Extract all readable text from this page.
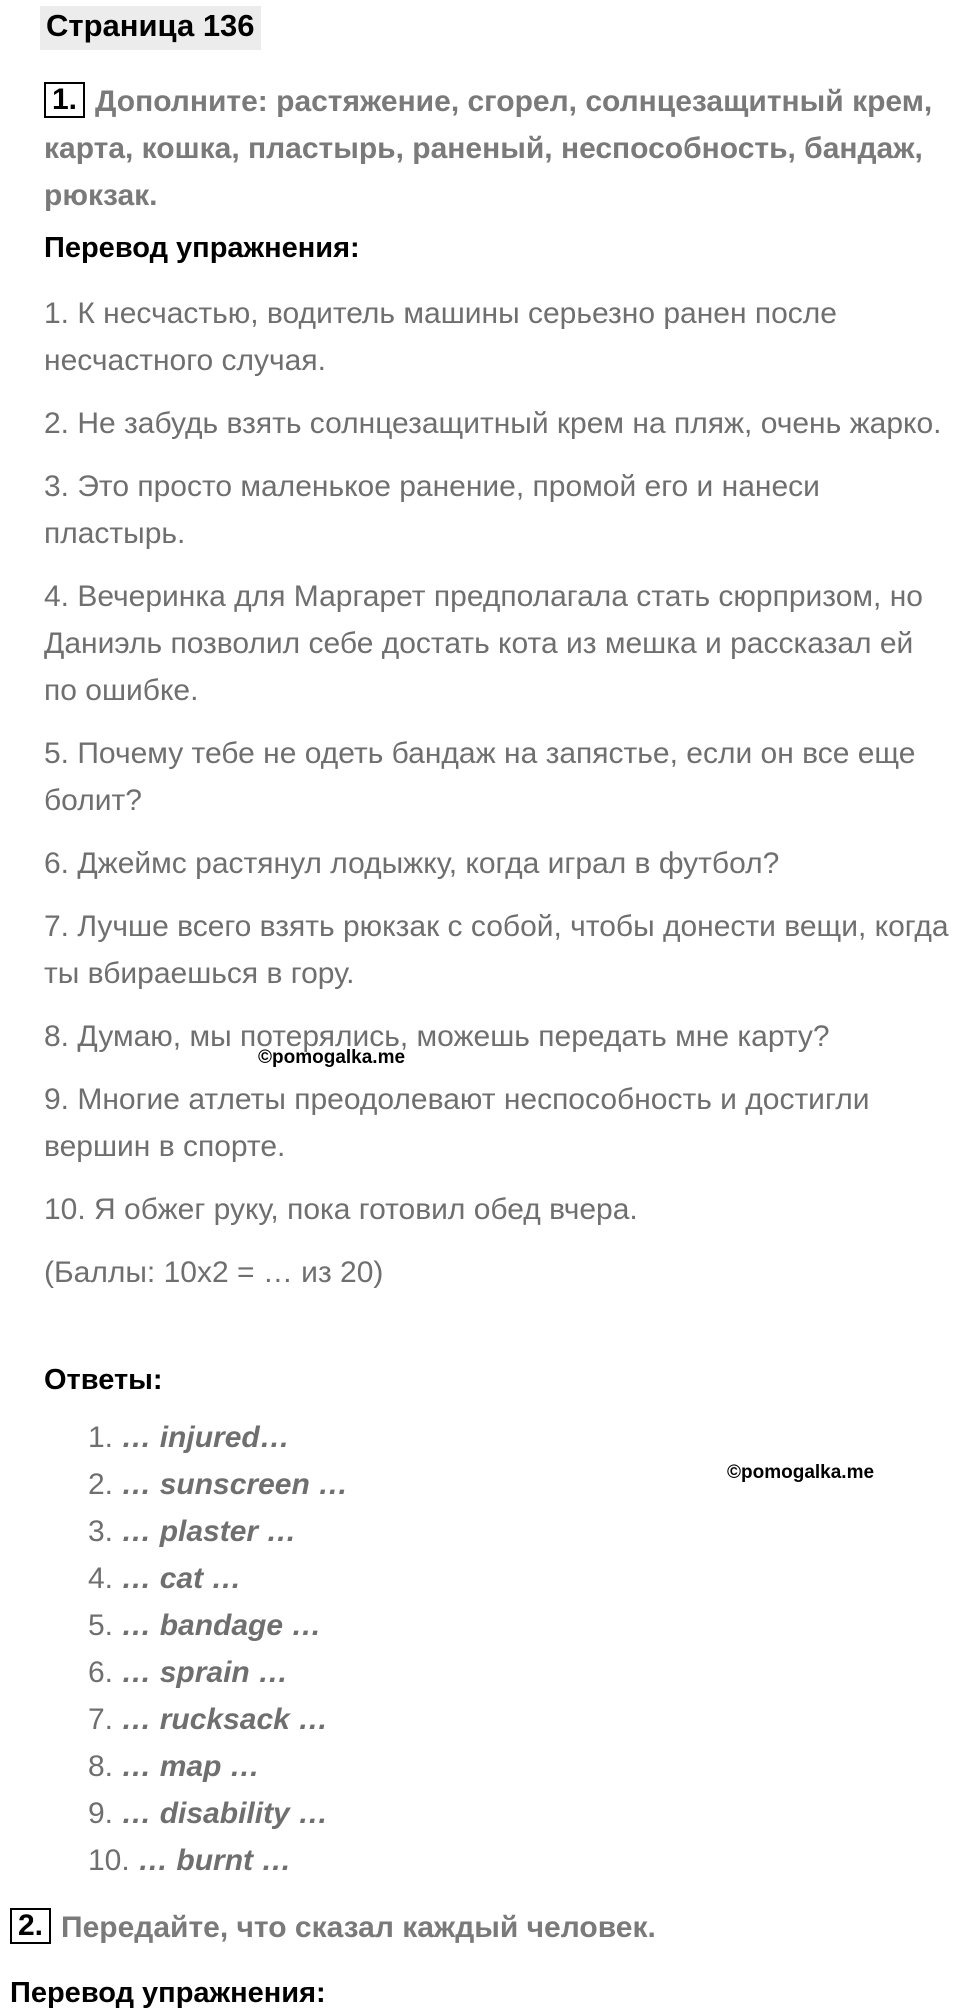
Страница 136
1. Дополните: растяжение, сгорел, солнцезащитный крем, карта, кошка, пластырь, раненый, неспособность, бандаж, рюкзак.
Перевод упражнения:
1. К несчастью, водитель машины серьезно ранен после несчастного случая.
2. Не забудь взять солнцезащитный крем на пляж, очень жарко.
3. Это просто маленькое ранение, промой его и нанеси пластырь.
4. Вечеринка для Маргарет предполагала стать сюрпризом, но Даниэль позволил себе достать кота из мешка и рассказал ей по ошибке.
5. Почему тебе не одеть бандаж на запястье, если он все еще болит?
6. Джеймс растянул лодыжку, когда играл в футбол?
7. Лучше всего взять рюкзак с собой, чтобы донести вещи, когда ты вбираешься в гору.
8. Думаю, мы потерялись, можешь передать мне карту?
9. Многие атлеты преодолевают неспособность и достигли вершин в спорте.
10. Я обжег руку, пока готовил обед вчера.
(Баллы: 10х2 = … из 20)
©pomogalka.me
Ответы:
1. … injured…
2. … sunscreen …
3. … plaster …
4. … cat …
5. … bandage …
6. … sprain …
7. … rucksack …
8. … map …
9. … disability …
10. … burnt …
©pomogalka.me
2. Передайте, что сказал каждый человек.
Перевод упражнения:
